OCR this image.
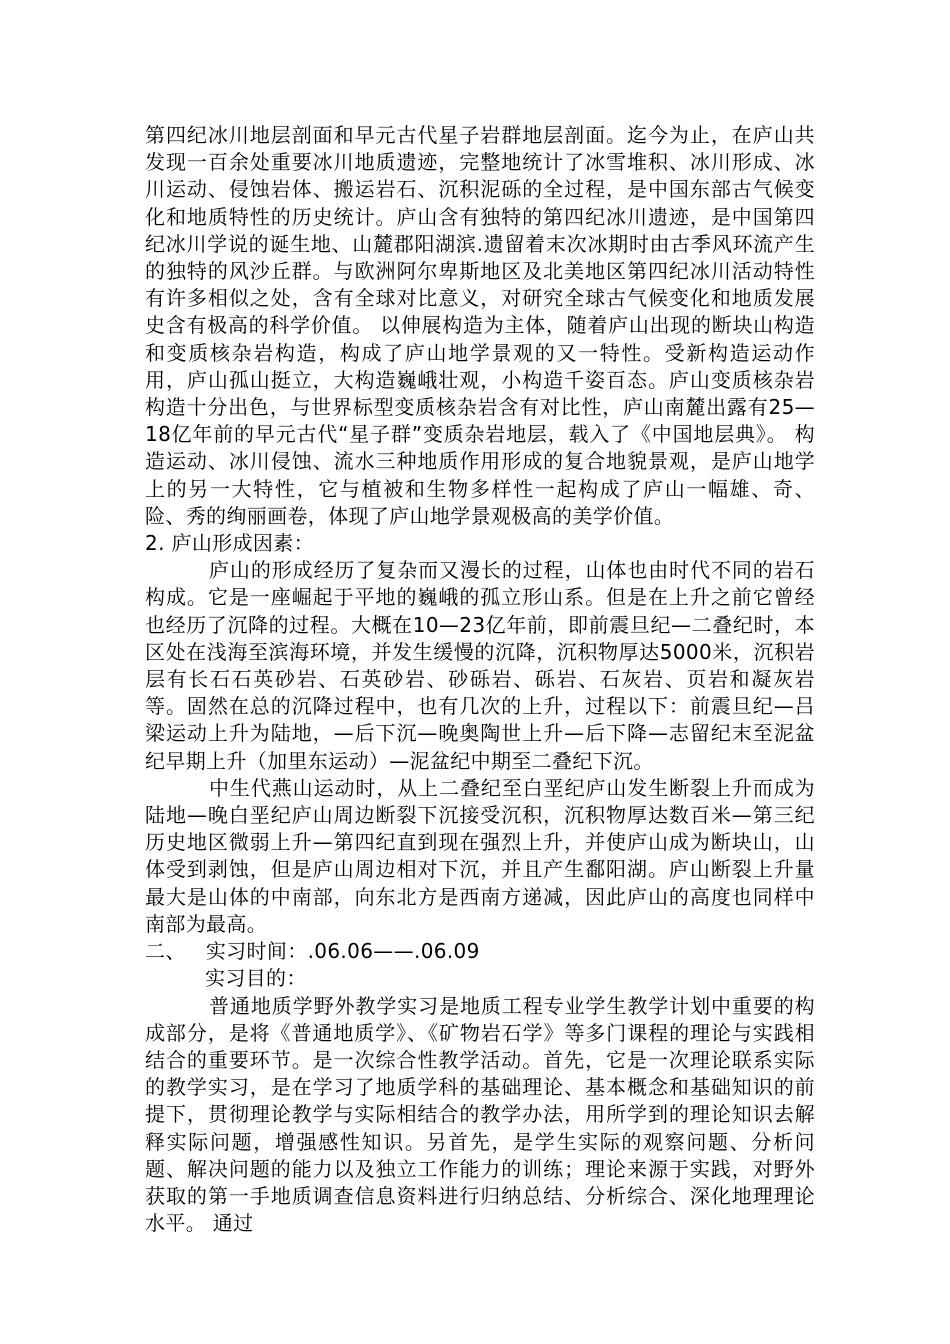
第四纪冰川地层剖面和早元古代星子岩群地层剖面。迄今为止，在庐山共发现一百余处重要冰川地质遗迹，完整地统计了冰雪堆积、冰川形成、冰川运动、侵蚀岩体、搬运岩石、沉积泥砾的全过程，是中国东部古气候变化和地质特性的历史统计。庐山含有独特的第四纪冰川遗迹，是中国第四纪冰川学说的诞生地、山麓郡阳湖滨.遗留着末次冰期时由古季风环流产生的独特的风沙丘群。与欧洲阿尔卑斯地区及北美地区第四纪冰川活动特性有许多相似之处，含有全球对比意义，对研究全球古气候变化和地质发展史含有极高的科学价值。 以伸展构造为主体，随着庐山出现的断块山构造和变质核杂岩构造，构成了庐山地学景观的又一特性。受新构造运动作用，庐山孤山挺立，大构造巍峨壮观，小构造千姿百态。庐山变质核杂岩构造十分出色，与世界标型变质核杂岩含有对比性，庐山南麓出露有25—18亿年前的早元古代“星子群”变质杂岩地层，载入了《中国地层典》。 构造运动、冰川侵蚀、流水三种地质作用形成的复合地貌景观，是庐山地学上的另一大特性，它与植被和生物多样性一起构成了庐山一幅雄、奇、险、秀的绚丽画卷，体现了庐山地学景观极高的美学价值。

2. 庐山形成因素：

庐山的形成经历了复杂而又漫长的过程，山体也由时代不同的岩石构成。它是一座崛起于平地的巍峨的孤立形山系。但是在上升之前它曾经也经历了沉降的过程。大概在10—23亿年前，即前震旦纪—二叠纪时，本区处在浅海至滨海环境，并发生缓慢的沉降，沉积物厚达5000米，沉积岩层有长石石英砂岩、石英砂岩、砂砾岩、砾岩、石灰岩、页岩和凝灰岩等。固然在总的沉降过程中，也有几次的上升，过程以下：前震旦纪—吕梁运动上升为陆地，—后下沉—晚奥陶世上升—后下降—志留纪末至泥盆纪早期上升（加里东运动）—泥盆纪中期至二叠纪下沉。

中生代燕山运动时，从上二叠纪至白垩纪庐山发生断裂上升而成为陆地—晚白垩纪庐山周边断裂下沉接受沉积，沉积物厚达数百米—第三纪历史地区微弱上升—第四纪直到现在强烈上升，并使庐山成为断块山，山体受到剥蚀，但是庐山周边相对下沉，并且产生鄱阳湖。庐山断裂上升量最大是山体的中南部，向东北方是西南方递减，因此庐山的高度也同样中南部为最高。

二、   实习时间：.06.06——.06.09

实习目的：

普通地质学野外教学实习是地质工程专业学生教学计划中重要的构成部分，是将《普通地质学》、《矿物岩石学》等多门课程的理论与实践相结合的重要环节。是一次综合性教学活动。首先，它是一次理论联系实际的教学实习，是在学习了地质学科的基础理论、基本概念和基础知识的前提下，贯彻理论教学与实际相结合的教学办法，用所学到的理论知识去解释实际问题，增强感性知识。另首先，是学生实际的观察问题、分析问题、解决问题的能力以及独立工作能力的训练；理论来源于实践，对野外获取的第一手地质调查信息资料进行归纳总结、分析综合、深化地理理论水平。 通过
